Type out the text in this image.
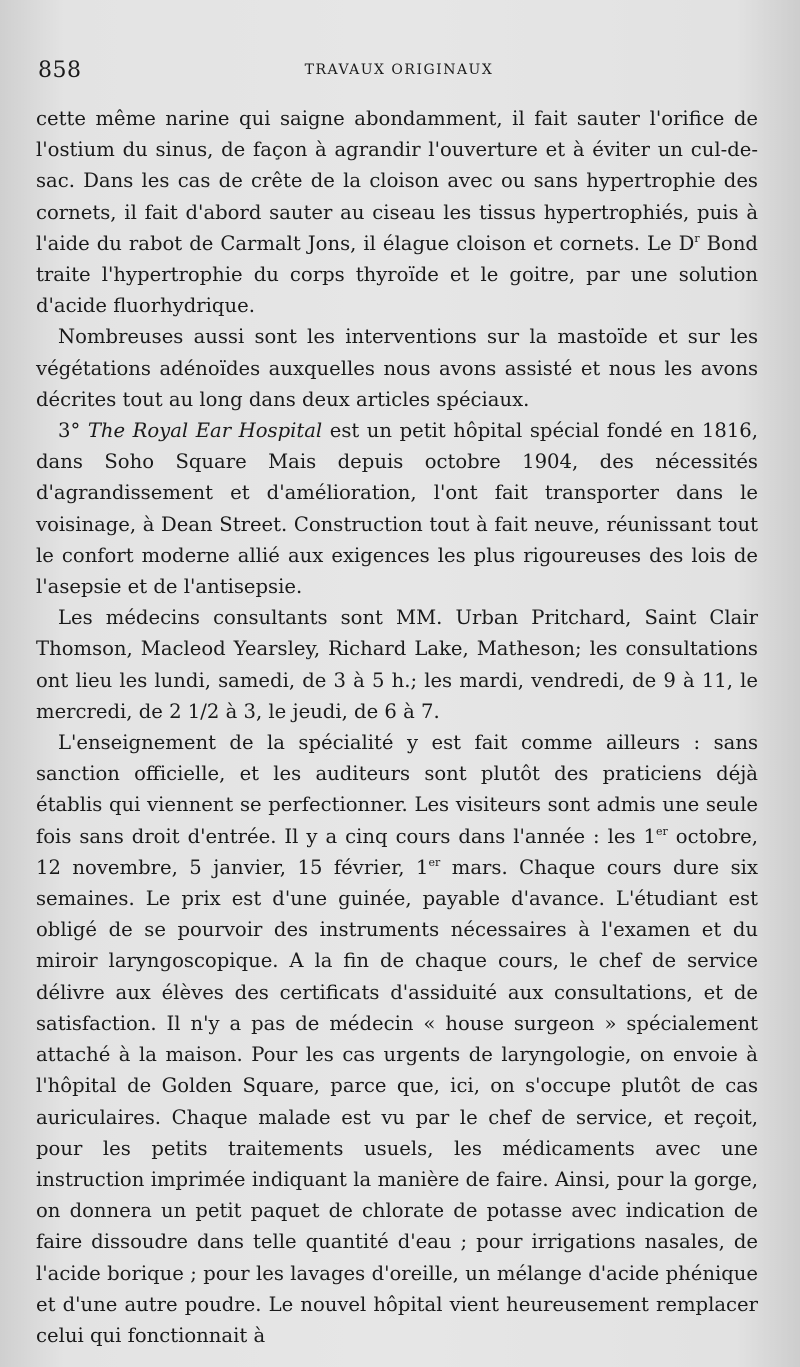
858	TRAVAUX ORIGINAUX

cette même narine qui saigne abondamment, il fait sauter l'orifice de l'ostium du sinus, de façon à agrandir l'ouverture et à éviter un cul-de-sac. Dans les cas de crête de la cloison avec ou sans hypertrophie des cornets, il fait d'abord sauter au ciseau les tissus hypertrophiés, puis à l'aide du rabot de Carmalt Jons, il élague cloison et cornets. Le $D^r$ Bond traite l'hypertrophie du corps thyroïde et le goitre, par une solution d'acide fluorhydrique.

Nombreuses aussi sont les interventions sur la mastoïde et sur les végétations adénoïdes auxquelles nous avons assisté et nous les avons décrites tout au long dans deux articles spéciaux.

3° The Royal Ear Hospital est un petit hôpital spécial fondé en 1816, dans Soho Square Mais depuis octobre 1904, des nécessités d'agrandissement et d'amélioration, l'ont fait transporter dans le voisinage, à Dean Street. Construction tout à fait neuve, réunissant tout le confort moderne allié aux exigences les plus rigoureuses des lois de l'asepsie et de l'antisepsie.

Les médecins consultants sont MM. Urban Pritchard, Saint Clair Thomson, Macleod Yearsley, Richard Lake, Matheson; les consultations ont lieu les lundi, samedi, de 3 à 5 h.; les mardi, vendredi, de 9 à 11, le mercredi, de 2 1/2 à 3, le jeudi, de 6 à 7.

L'enseignement de la spécialité y est fait comme ailleurs : sans sanction officielle, et les auditeurs sont plutôt des praticiens déjà établis qui viennent se perfectionner. Les visiteurs sont admis une seule fois sans droit d'entrée. Il y a cinq cours dans l'année : les 1er octobre, 12 novembre, 5 janvier, 15 février, 1er mars. Chaque cours dure six semaines. Le prix est d'une guinée, payable d'avance. L'étudiant est obligé de se pourvoir des instruments nécessaires à l'examen et du miroir laryngoscopique. A la fin de chaque cours, le chef de service délivre aux élèves des certificats d'assiduité aux consultations, et de satisfaction. Il n'y a pas de médecin « house surgeon » spécialement attaché à la maison. Pour les cas urgents de laryngologie, on envoie à l'hôpital de Golden Square, parce que, ici, on s'occupe plutôt de cas auriculaires. Chaque malade est vu par le chef de service, et reçoit, pour les petits traitements usuels, les médicaments avec une instruction imprimée indiquant la manière de faire. Ainsi, pour la gorge, on donnera un petit paquet de chlorate de potasse avec indication de faire dissoudre dans telle quantité d'eau ; pour irrigations nasales, de l'acide borique ; pour les lavages d'oreille, un mélange d'acide phénique et d'une autre poudre. Le nouvel hôpital vient heureusement remplacer celui qui fonctionnait à
